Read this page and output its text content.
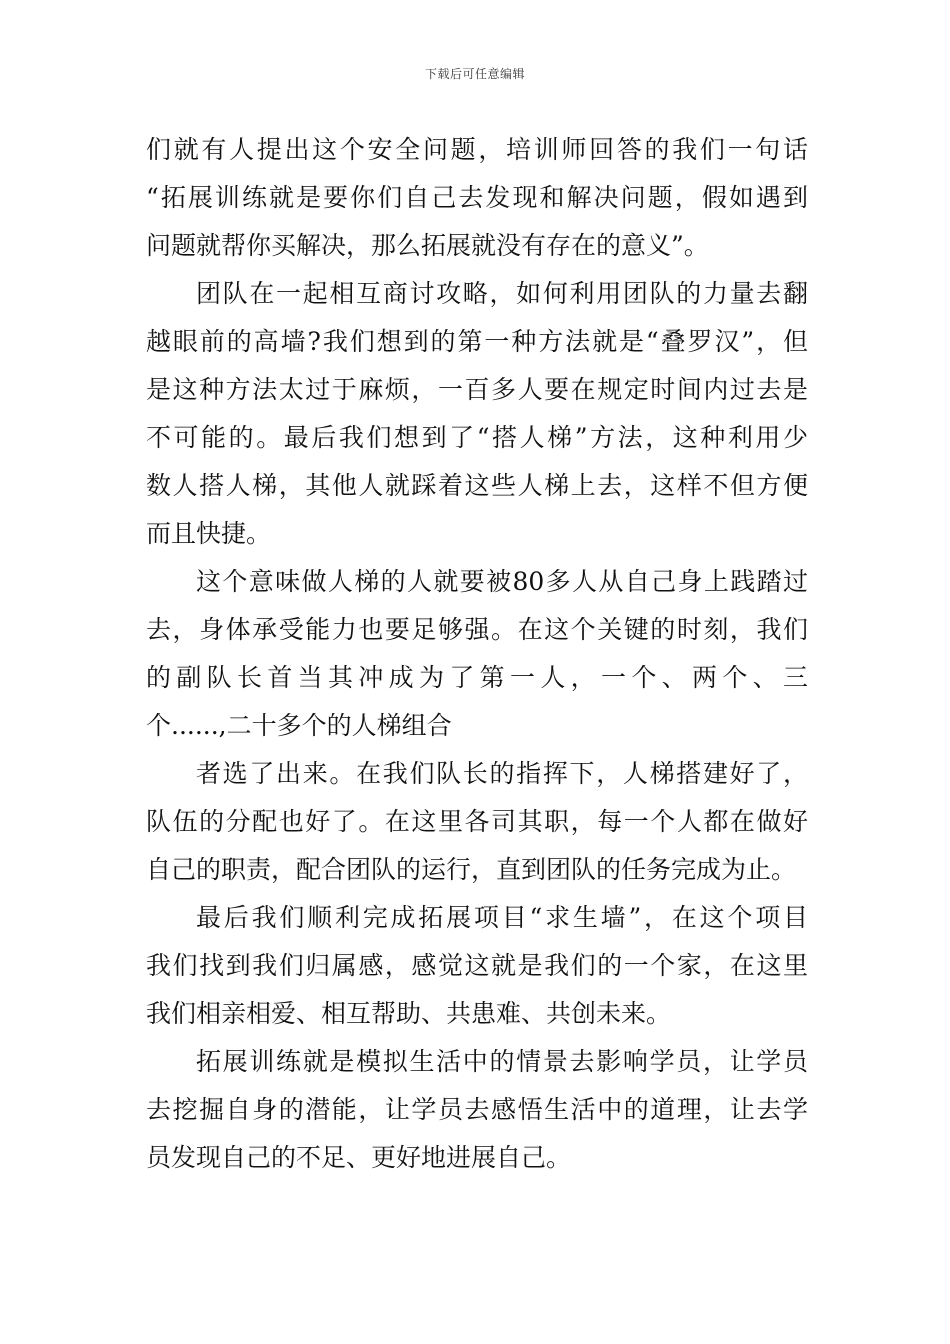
下载后可任意编辑
们就有人提出这个安全问题，培训师回答的我们一句话
“拓展训练就是要你们自己去发现和解决问题，假如遇到
问题就帮你买解决，那么拓展就没有存在的意义”。
团队在一起相互商讨攻略，如何利用团队的力量去翻
越眼前的高墙?我们想到的第一种方法就是“叠罗汉”，但
是这种方法太过于麻烦，一百多人要在规定时间内过去是
不可能的。最后我们想到了“搭人梯”方法，这种利用少
数人搭人梯，其他人就踩着这些人梯上去，这样不但方便
而且快捷。
这个意味做人梯的人就要被80多人从自己身上践踏过
去，身体承受能力也要足够强。在这个关键的时刻，我们
的副队长首当其冲成为了第一人，一个、两个、三
个......,二十多个的人梯组合
者选了出来。在我们队长的指挥下，人梯搭建好了，
队伍的分配也好了。在这里各司其职，每一个人都在做好
自己的职责，配合团队的运行，直到团队的任务完成为止。
最后我们顺利完成拓展项目“求生墙”，在这个项目
我们找到我们归属感，感觉这就是我们的一个家，在这里
我们相亲相爱、相互帮助、共患难、共创未来。
拓展训练就是模拟生活中的情景去影响学员，让学员
去挖掘自身的潜能，让学员去感悟生活中的道理，让去学
员发现自己的不足、更好地进展自己。
